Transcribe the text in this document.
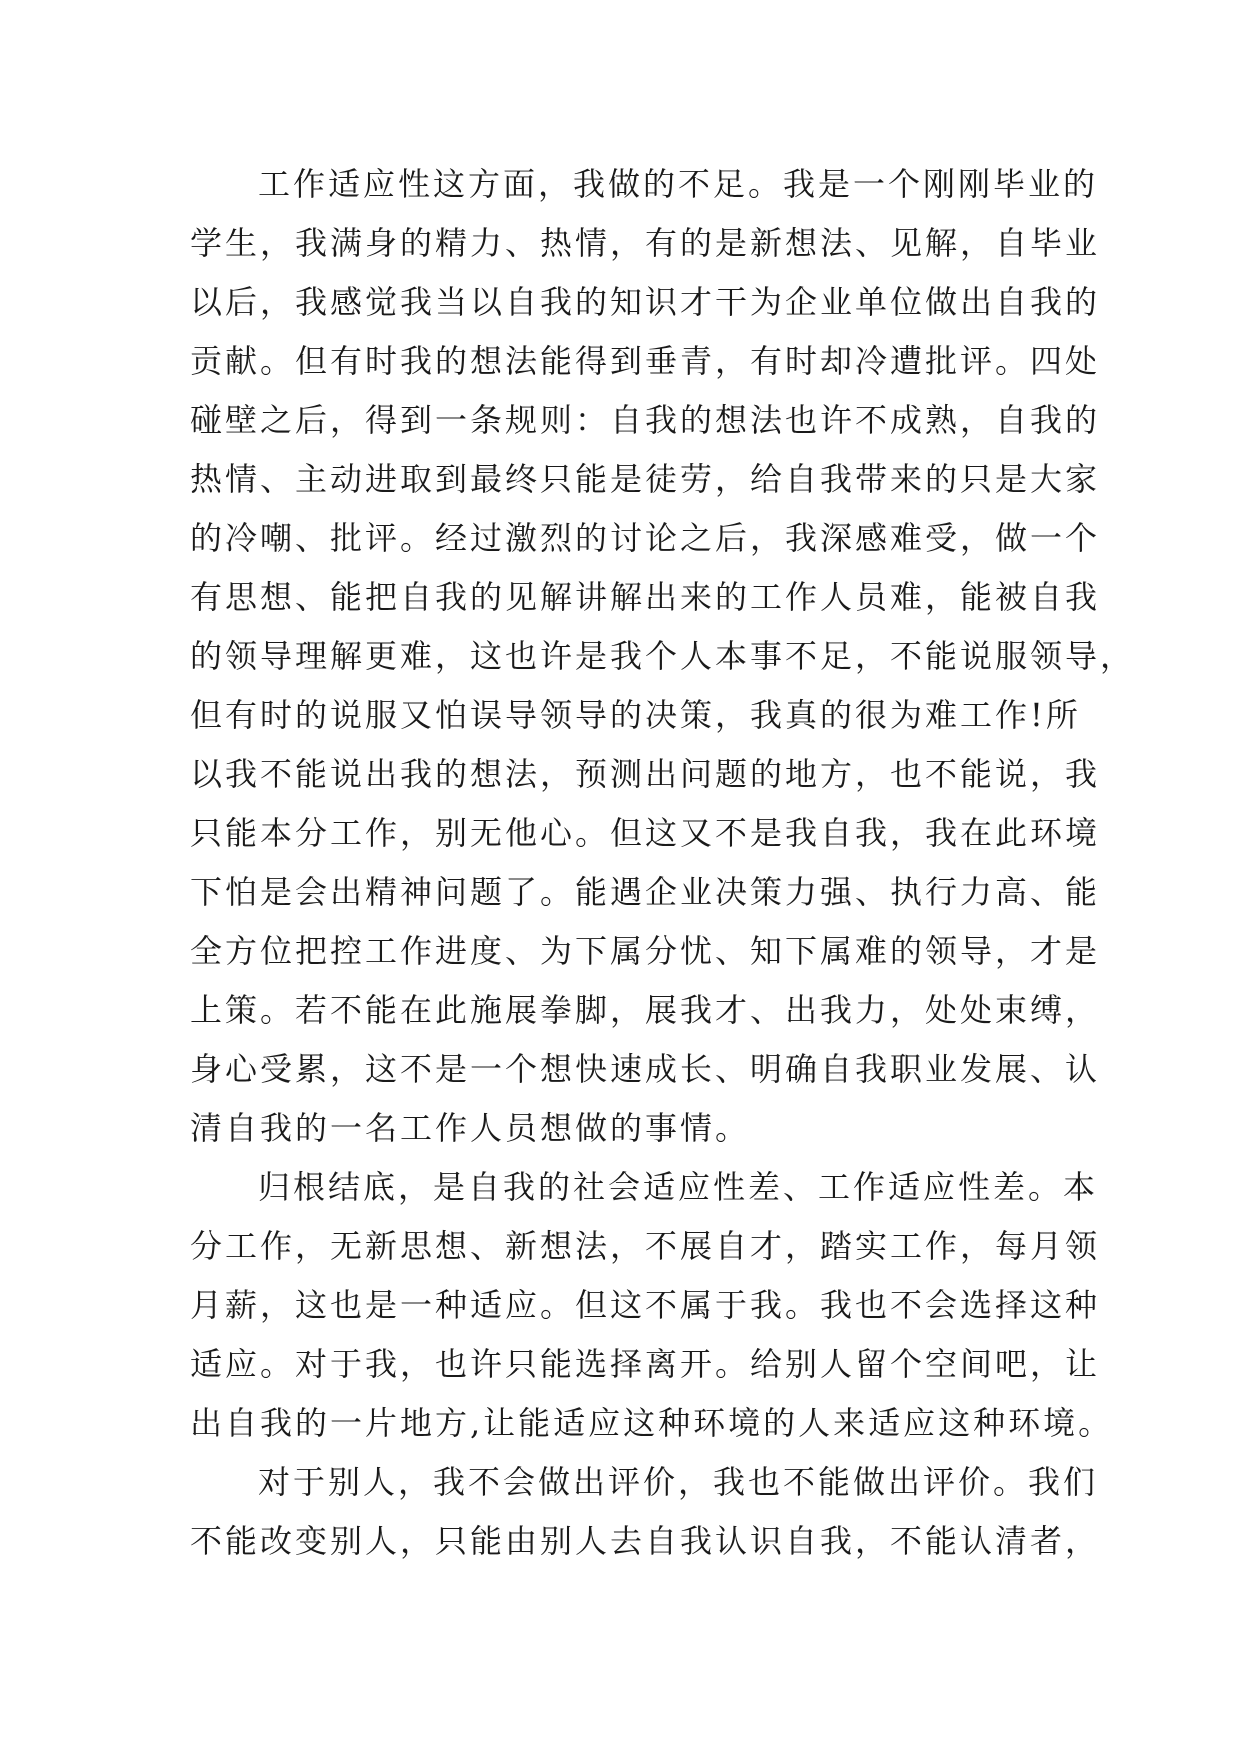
工作适应性这方面，我做的不足。我是一个刚刚毕业的
学生，我满身的精力、热情，有的是新想法、见解，自毕业
以后，我感觉我当以自我的知识才干为企业单位做出自我的
贡献。但有时我的想法能得到垂青，有时却冷遭批评。四处
碰壁之后，得到一条规则：自我的想法也许不成熟，自我的
热情、主动进取到最终只能是徒劳，给自我带来的只是大家
的冷嘲、批评。经过激烈的讨论之后，我深感难受，做一个
有思想、能把自我的见解讲解出来的工作人员难，能被自我
的领导理解更难，这也许是我个人本事不足，不能说服领导，
但有时的说服又怕误导领导的决策，我真的很为难工作!所
以我不能说出我的想法，预测出问题的地方，也不能说，我
只能本分工作，别无他心。但这又不是我自我，我在此环境
下怕是会出精神问题了。能遇企业决策力强、执行力高、能
全方位把控工作进度、为下属分忧、知下属难的领导，才是
上策。若不能在此施展拳脚，展我才、出我力，处处束缚，
身心受累，这不是一个想快速成长、明确自我职业发展、认
清自我的一名工作人员想做的事情。
归根结底，是自我的社会适应性差、工作适应性差。本
分工作，无新思想、新想法，不展自才，踏实工作，每月领
月薪，这也是一种适应。但这不属于我。我也不会选择这种
适应。对于我，也许只能选择离开。给别人留个空间吧，让
出自我的一片地方,让能适应这种环境的人来适应这种环境。
对于别人，我不会做出评价，我也不能做出评价。我们
不能改变别人，只能由别人去自我认识自我，不能认清者，
